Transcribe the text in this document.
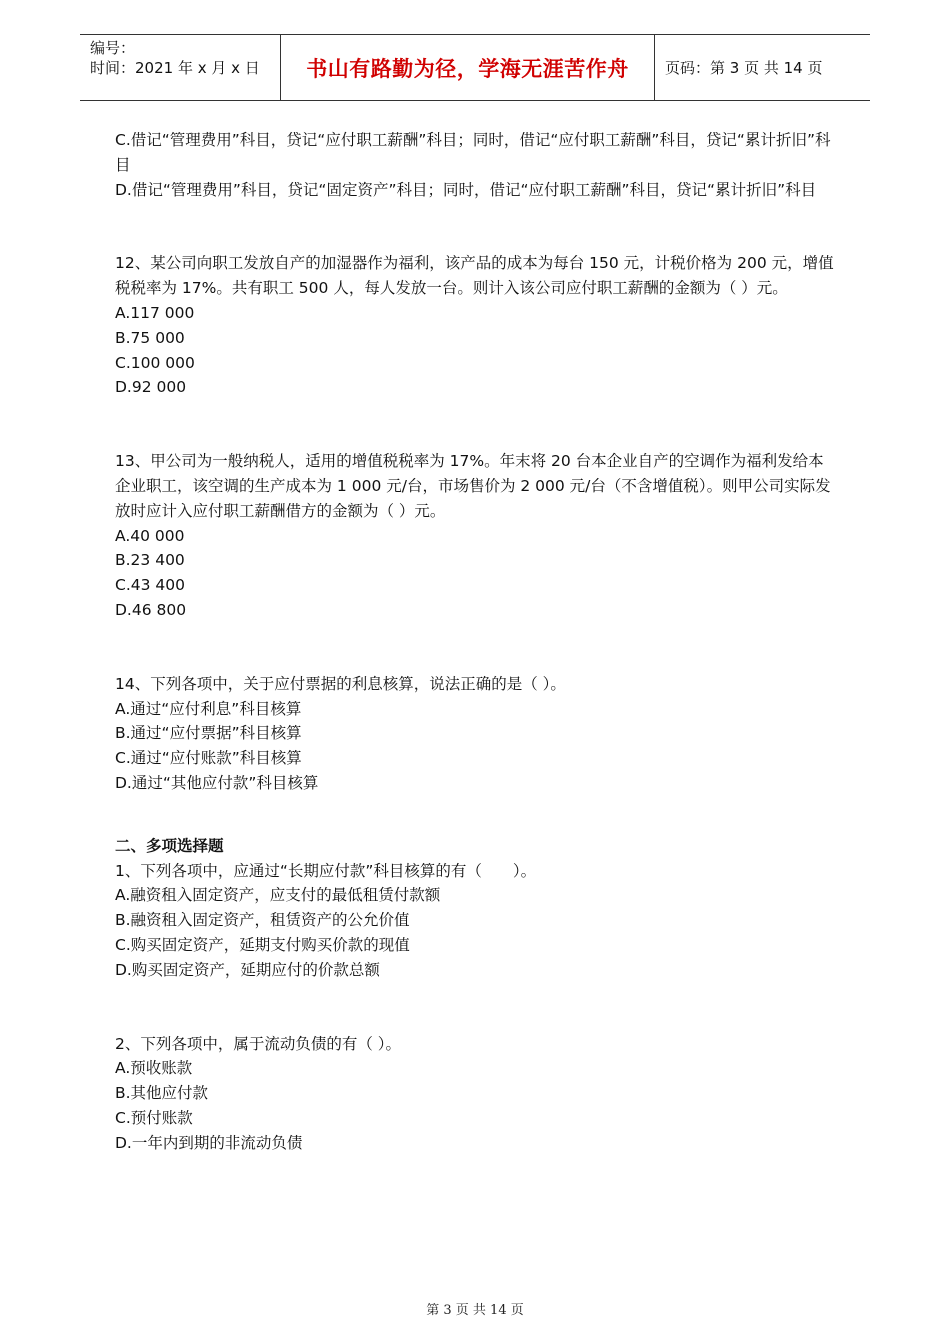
编号：
时间：2021 年 x 月 x 日	书山有路勤为径，学海无涯苦作舟 页码：第 3 页 共 14 页

C.借记“管理费用”科目，贷记“应付职工薪酬”科目；同时，借记“应付职工薪酬”科目，贷记“累计折旧”科目

D.借记“管理费用”科目，贷记“固定资产”科目；同时，借记“应付职工薪酬”科目，贷记“累计折旧”科目

12、某公司向职工发放自产的加湿器作为福利，该产品的成本为每台 150 元，计税价格为 200 元，增值税税率为 17%。共有职工 500 人，每人发放一台。则计入该公司应付职工薪酬的金额为（ ）元。

A.117 000

B.75 000

C.100 000

D.92 000

13、甲公司为一般纳税人，适用的增值税税率为 17%。年末将 20 台本企业自产的空调作为福利发给本企业职工，该空调的生产成本为 1 000 元/台，市场售价为 2 000 元/台（不含增值税）。则甲公司实际发放时应计入应付职工薪酬借方的金额为（ ）元。

A.40 000

B.23 400

C.43 400

D.46 800

14、下列各项中，关于应付票据的利息核算，说法正确的是（ ）。

A.通过“应付利息”科目核算

B.通过“应付票据”科目核算

C.通过“应付账款”科目核算

D.通过“其他应付款”科目核算

二、多项选择题

1、下列各项中，应通过“长期应付款”科目核算的有（　　）。

A.融资租入固定资产，应支付的最低租赁付款额

B.融资租入固定资产，租赁资产的公允价值

C.购买固定资产，延期支付购买价款的现值

D.购买固定资产，延期应付的价款总额

2、下列各项中，属于流动负债的有（ ）。

A.预收账款

B.其他应付款

C.预付账款

D.一年内到期的非流动负债

第 3 页 共 14 页
